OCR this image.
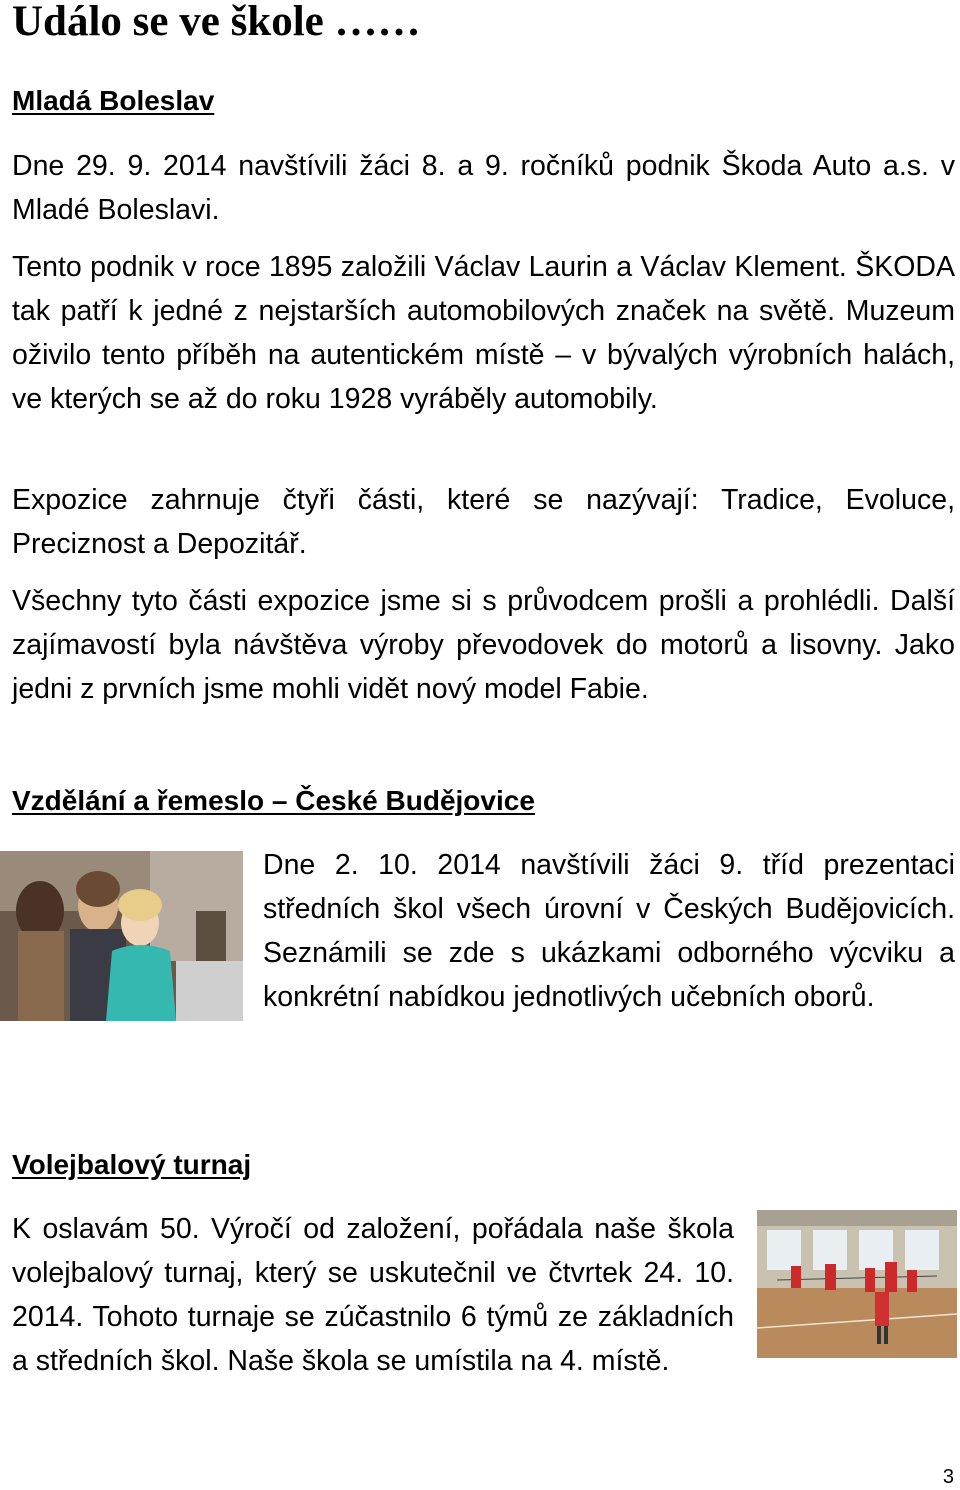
Událo se ve škole ……
Mladá Boleslav

Dne 29. 9. 2014 navštívili žáci 8. a 9. ročníků podnik Škoda Auto a.s. v Mladé Boleslavi.

Tento podnik v roce 1895 založili Václav Laurin a Václav Klement. ŠKODA tak patří k jedné z nejstarších automobilových značek na světě. Muzeum oživilo tento příběh na autentickém místě – v bývalých výrobních halách, ve kterých se až do roku 1928 vyráběly automobily.

Expozice zahrnuje čtyři části, které se nazývají: Tradice, Evoluce, Preciznost a Depozitář.

Všechny tyto části expozice jsme si s průvodcem prošli a prohlédli. Další zajímavostí byla návštěva výroby převodovek do motorů a lisovny. Jako jedni z prvních jsme mohli vidět nový model Fabie.

Vzdělání a řemeslo – České Budějovice
Dne 2. 10. 2014 navštívili žáci 9. tříd prezentaci středních škol všech úrovní v Českých Budějovicích. Seznámili se zde s ukázkami odborného výcviku a konkrétní nabídkou jednotlivých učebních oborů.
Volejbalový turnaj

K oslavám 50. Výročí od založení, pořádala naše škola volejbalový turnaj, který se uskutečnil ve čtvrtek 24. 10. 2014. Tohoto turnaje se zúčastnilo 6 týmů ze základních a středních škol. Naše škola se umístila na 4. místě.

3
